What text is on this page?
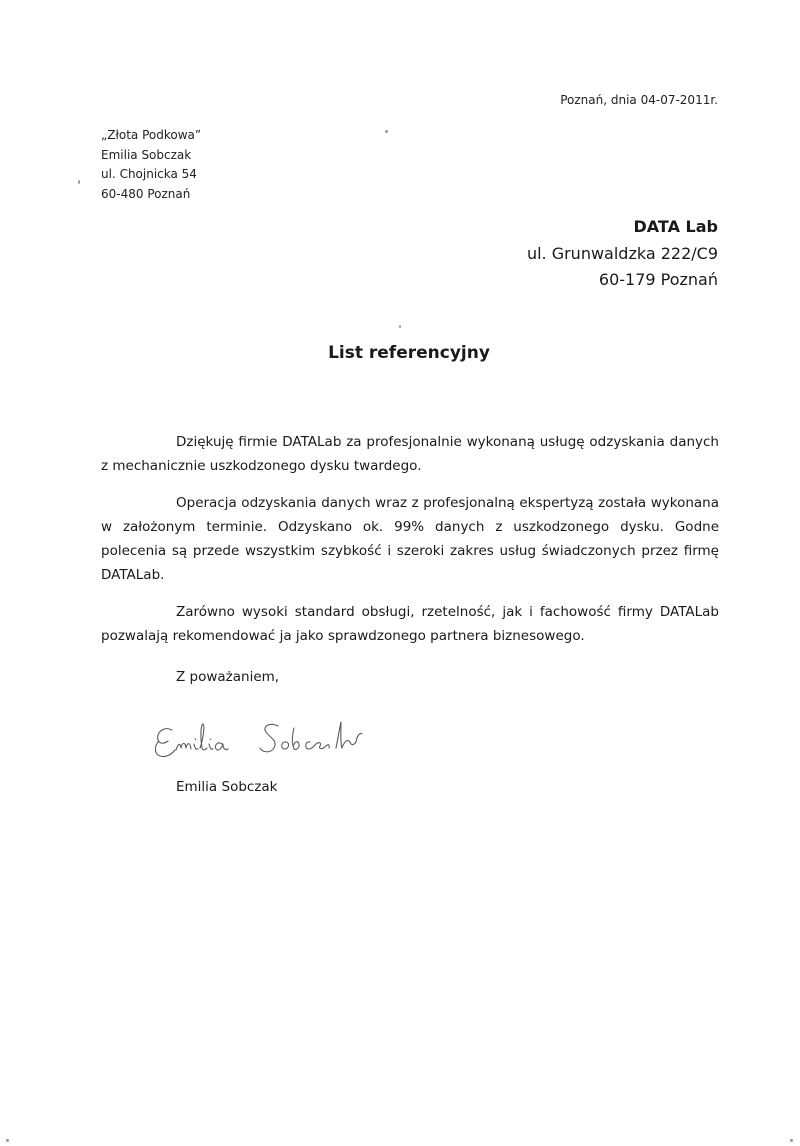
Poznań, dnia 04-07-2011r.
„Złota Podkowa”
Emilia Sobczak
ul. Chojnicka 54
60-480 Poznań
DATA Lab
ul. Grunwaldzka 222/C9
60-179 Poznań
List referencyjny

Dziękuję firmie DATALab za profesjonalnie wykonaną usługę odzyskania danych z mechanicznie uszkodzonego dysku twardego.

Operacja odzyskania danych wraz z profesjonalną ekspertyzą została wykonana w założonym terminie. Odzyskano ok. 99% danych z uszkodzonego dysku. Godne polecenia są przede wszystkim szybkość i szeroki zakres usług świadczonych przez firmę DATALab.

Zarówno wysoki standard obsługi, rzetelność, jak i fachowość firmy DATALab pozwalają rekomendować ja jako sprawdzonego partnera biznesowego.

Z poważaniem,
Emilia Sobczak
